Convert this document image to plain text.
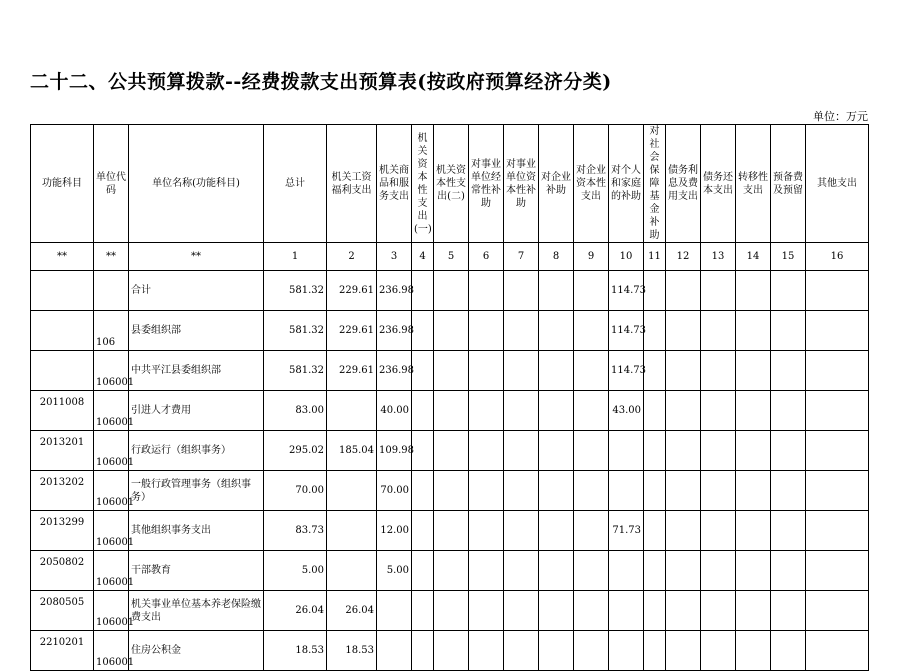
二十二、公共预算拨款--经费拨款支出预算表(按政府预算经济分类)
单位：万元
功能科目	单位代码	单位名称(功能科目)	总计	机关工资福利支出	机关商品和服务支出	机关资本性支出(一)	机关资本性支出(二)	对事业单位经常性补助	对事业单位资本性补助	对企业补助	对企业资本性支出	对个人和家庭的补助	对社会保障基金补助	债务利息及费用支出	债务还本支出	转移性支出	预备费及预留	其他支出
**	**	**	1	2	3	4	5	6	7	8	9	10	11	12	13	14	15	16
		合计	581.32	229.61	236.98							114.73						
	106	县委组织部	581.32	229.61	236.98							114.73						
	106001	中共平江县委组织部	581.32	229.61	236.98							114.73						
2011008	106001	引进人才费用	83.00		40.00							43.00						
2013201	106001	行政运行（组织事务）	295.02	185.04	109.98													
2013202	106001	一般行政管理事务（组织事务）	70.00		70.00													
2013299	106001	其他组织事务支出	83.73		12.00							71.73						
2050802	106001	干部教育	5.00		5.00													
2080505	106001	机关事业单位基本养老保险缴费支出	26.04	26.04														
2210201	106001	住房公积金	18.53	18.53														
